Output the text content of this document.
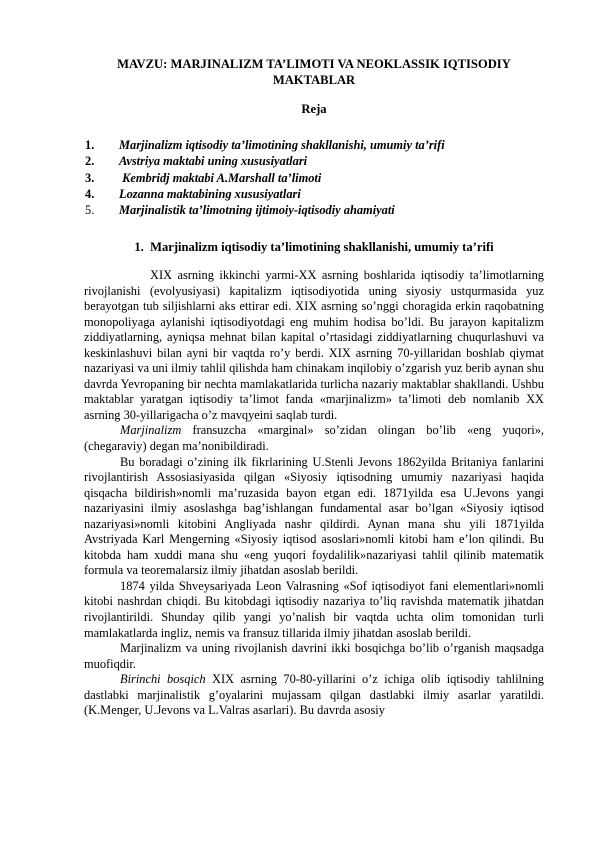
MAVZU: MARJINALIZM TA’LIMOTI VA NEOKLASSIK IQTISODIY MAKTABLAR
Reja
1. Marjinalizm iqtisodiy ta’limotining shakllanishi, umumiy ta’rifi
2. Avstriya maktabi uning xususiyatlari
3. Kembridj maktabi A.Marshall ta’limoti
4. Lozanna maktabining xususiyatlari
5. Marjinalistik ta’limotning ijtimoiy-iqtisodiy ahamiyati
1.  Marjinalizm iqtisodiy ta’limotining shakllanishi, umumiy ta’rifi

XIX asrning ikkinchi yarmi-XX asrning boshlarida iqtisodiy ta’limotlarning rivojlanishi (evolyusiyasi) kapitalizm iqtisodiyotida uning siyosiy ustqurmasida yuz berayotgan tub siljishlarni aks ettirar edi. XIX asrning so’nggi choragida erkin raqobatning monopoliyaga aylanishi iqtisodiyotdagi eng muhim hodisa bo’ldi. Bu jarayon kapitalizm ziddiyatlarning, ayniqsa mehnat bilan kapital o’rtasidagi ziddiyatlarning chuqurlashuvi va keskinlashuvi bilan ayni bir vaqtda ro’y berdi. XIX asrning 70-yillaridan boshlab qiymat nazariyasi va uni ilmiy tahlil qilishda ham chinakam inqilobiy o’zgarish yuz berib aynan shu davrda Yevropaning bir nechta mamlakatlarida turlicha nazariy maktablar shakllandi. Ushbu maktablar yaratgan iqtisodiy ta’limot fanda «marjinalizm» ta’limoti deb nomlanib XX asrning 30-yillarigacha o’z mavqyeini saqlab turdi.

Marjinalizm fransuzcha «marginal» so’zidan olingan bo’lib «eng yuqori», (chegaraviy) degan ma’nonibildiradi.

Bu boradagi o’zining ilk fikrlarining U.Stenli Jevons 1862yilda Britaniya fanlarini rivojlantirish Assosiasiyasida qilgan «Siyosiy iqtisodning umumiy nazariyasi haqida qisqacha bildirish»nomli ma’ruzasida bayon etgan edi. 1871yilda esa U.Jevons yangi nazariyasini ilmiy asoslashga bag’ishlangan fundamental asar bo’lgan «Siyosiy iqtisod nazariyasi»nomli kitobini Angliyada nashr qildirdi. Aynan mana shu yili 1871yilda Avstriyada Karl Mengerning «Siyosiy iqtisod asoslari»nomli kitobi ham e’lon qilindi. Bu kitobda ham xuddi mana shu «eng yuqori foydalilik»nazariyasi tahlil qilinib matematik formula va teoremalarsiz ilmiy jihatdan asoslab berildi.

1874 yilda Shveysariyada Leon Valrasning «Sof iqtisodiyot fani elementlari»nomli kitobi nashrdan chiqdi. Bu kitobdagi iqtisodiy nazariya to’liq ravishda matematik jihatdan rivojlantirildi. Shunday qilib yangi yo’nalish bir vaqtda uchta olim tomonidan turli mamlakatlarda ingliz, nemis va fransuz tillarida ilmiy jihatdan asoslab berildi.

Marjinalizm va uning rivojlanish davrini ikki bosqichga bo’lib o’rganish maqsadga muofiqdir.

Birinchi bosqich XIX asrning 70-80-yillarini o’z ichiga olib iqtisodiy tahlilning dastlabki marjinalistik g’oyalarini mujassam qilgan dastlabki ilmiy asarlar yaratildi.(K.Menger, U.Jevons va L.Valras asarlari). Bu davrda asosiy
